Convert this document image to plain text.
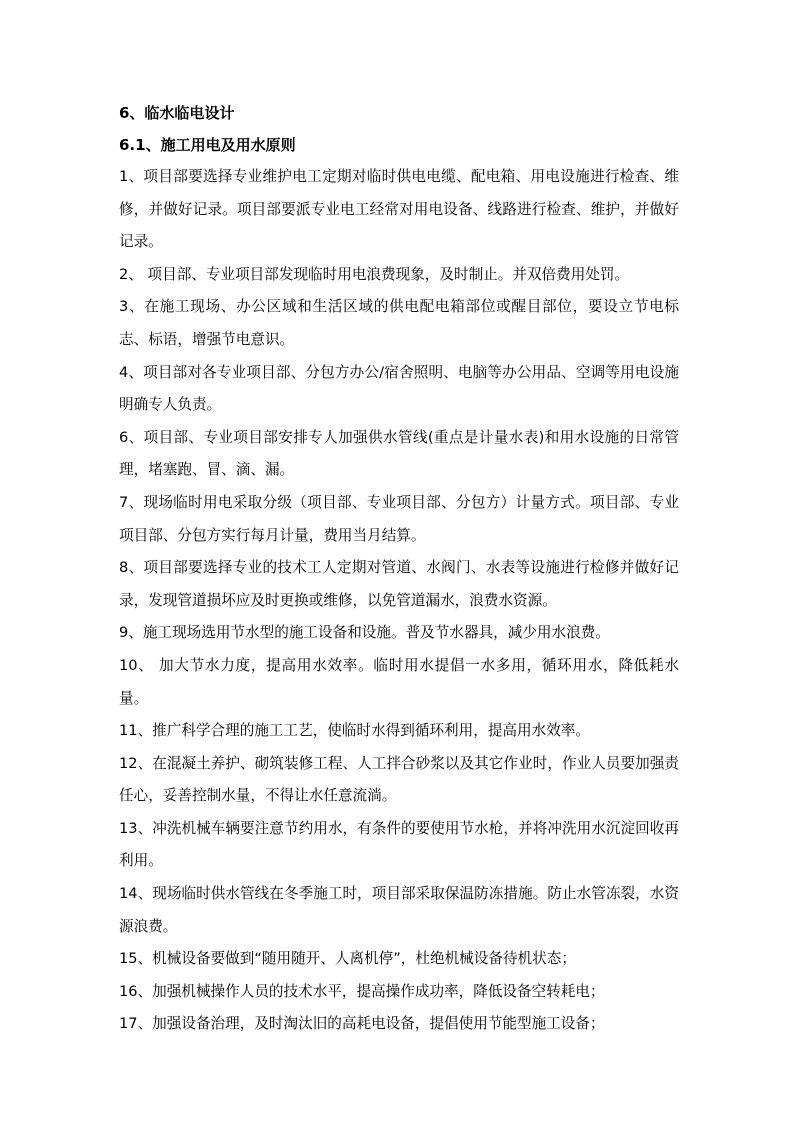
6、临水临电设计
6.1、施工用电及用水原则

1、项目部要选择专业维护电工定期对临时供电电缆、配电箱、用电设施进行检查、维修，并做好记录。项目部要派专业电工经常对用电设备、线路进行检查、维护，并做好记录。

2、 项目部、专业项目部发现临时用电浪费现象，及时制止。并双倍费用处罚。

3、在施工现场、办公区域和生活区域的供电配电箱部位或醒目部位，要设立节电标志、标语，增强节电意识。

4、项目部对各专业项目部、分包方办公/宿舍照明、电脑等办公用品、空调等用电设施明确专人负责。

6、项目部、专业项目部安排专人加强供水管线(重点是计量水表)和用水设施的日常管理，堵塞跑、冒、滴、漏。

7、现场临时用电采取分级（项目部、专业项目部、分包方）计量方式。项目部、专业项目部、分包方实行每月计量，费用当月结算。

8、项目部要选择专业的技术工人定期对管道、水阀门、水表等设施进行检修并做好记录，发现管道损坏应及时更换或维修，以免管道漏水，浪费水资源。

9、施工现场选用节水型的施工设备和设施。普及节水器具，减少用水浪费。

10、 加大节水力度，提高用水效率。临时用水提倡一水多用，循环用水，降低耗水量。

11、推广科学合理的施工工艺，使临时水得到循环利用，提高用水效率。

12、在混凝土养护、砌筑装修工程、人工拌合砂浆以及其它作业时，作业人员要加强责任心，妥善控制水量，不得让水任意流淌。

13、冲洗机械车辆要注意节约用水，有条件的要使用节水枪，并将冲洗用水沉淀回收再利用。

14、现场临时供水管线在冬季施工时，项目部采取保温防冻措施。防止水管冻裂，水资源浪费。

15、机械设备要做到“随用随开、人离机停”，杜绝机械设备待机状态；

16、加强机械操作人员的技术水平，提高操作成功率，降低设备空转耗电；

17、加强设备治理，及时淘汰旧的高耗电设备，提倡使用节能型施工设备；
